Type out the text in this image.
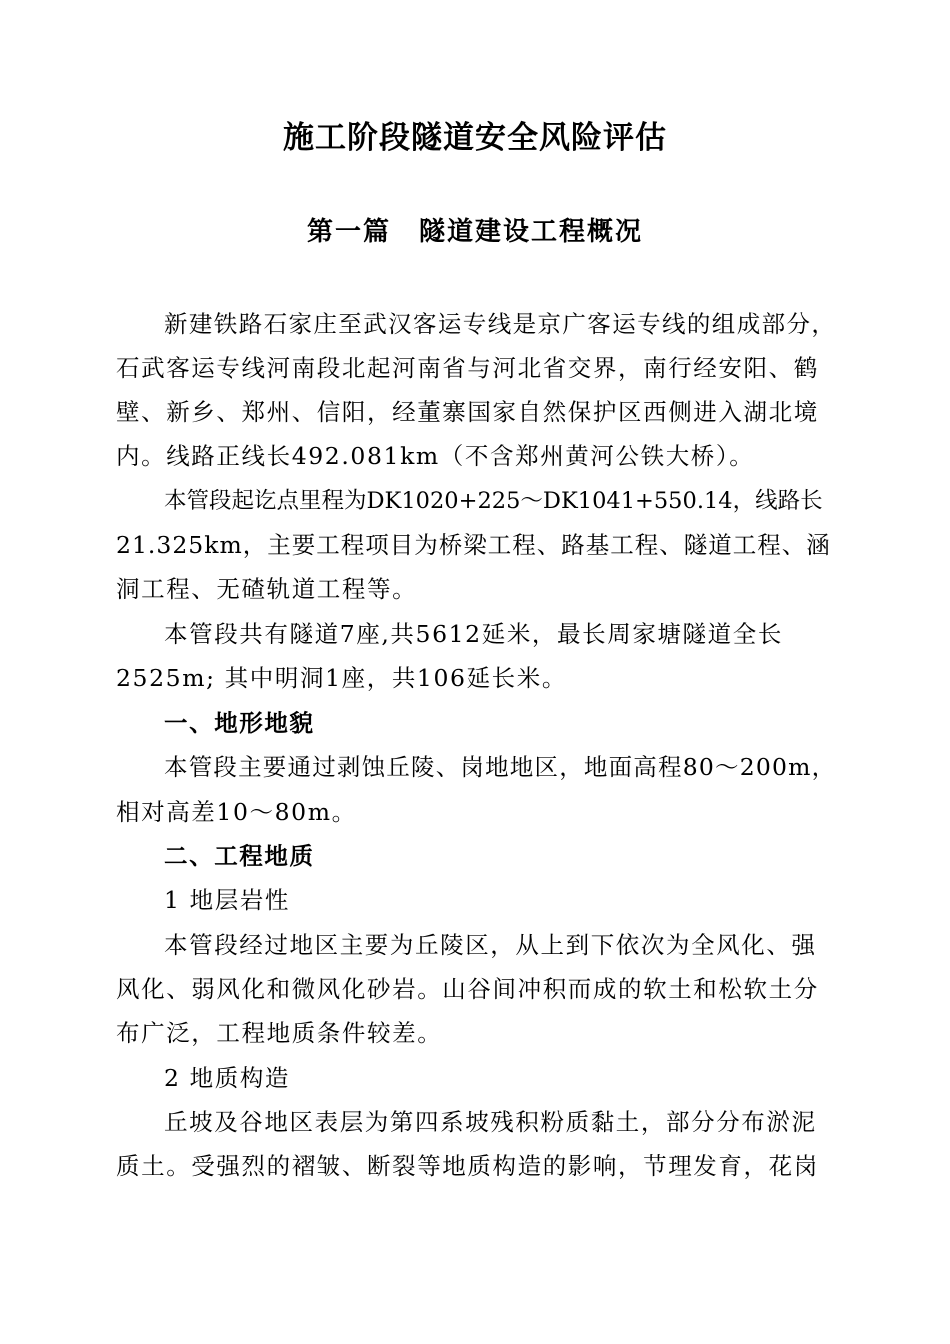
施工阶段隧道安全风险评估
第一篇　隧道建设工程概况
新建铁路石家庄至武汉客运专线是京广客运专线的组成部分，
石武客运专线河南段北起河南省与河北省交界，南行经安阳、鹤
壁、新乡、郑州、信阳，经董寨国家自然保护区西侧进入湖北境
内。线路正线长492.081km（不含郑州黄河公铁大桥）。
本管段起讫点里程为DK1020+225～DK1041+550.14，线路长
21.325km，主要工程项目为桥梁工程、路基工程、隧道工程、涵
洞工程、无碴轨道工程等。
本管段共有隧道7座,共5612延米，最长周家塘隧道全长
2525m; 其中明洞1座，共106延长米。
一、地形地貌
本管段主要通过剥蚀丘陵、岗地地区，地面高程80～200m，
相对高差10～80m。
二、工程地质
1 地层岩性
本管段经过地区主要为丘陵区，从上到下依次为全风化、强
风化、弱风化和微风化砂岩。山谷间冲积而成的软土和松软土分
布广泛，工程地质条件较差。
2 地质构造
丘坡及谷地区表层为第四系坡残积粉质黏土，部分分布淤泥
质土。受强烈的褶皱、断裂等地质构造的影响，节理发育，花岗
